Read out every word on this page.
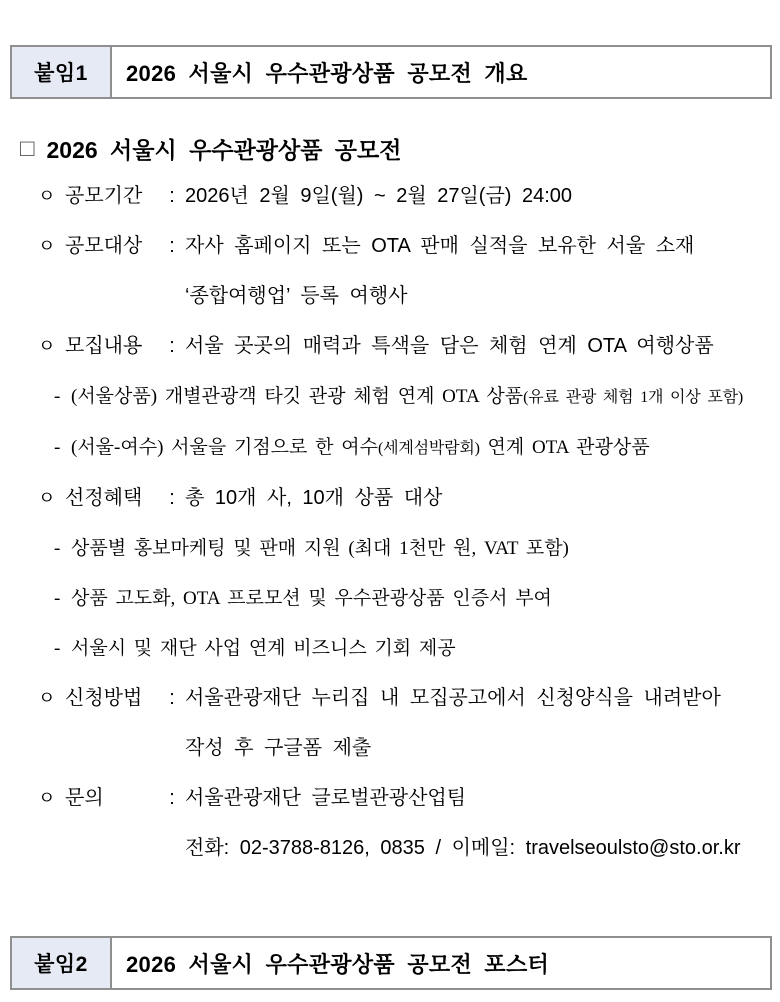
붙임1	2026 서울시 우수관광상품 공모전 개요
□ 2026 서울시 우수관광상품 공모전
ㅇ 공모기간	: 2026년 2월 9일(월) ~ 2월 27일(금) 24:00
ㅇ 공모대상	: 자사 홈페이지 또는 OTA 판매 실적을 보유한 서울 소재
‘종합여행업’ 등록 여행사
ㅇ 모집내용	: 서울 곳곳의 매력과 특색을 담은 체험 연계 OTA 여행상품
- (서울상품) 개별관광객 타깃 관광 체험 연계 OTA 상품(유료 관광 체험 1개 이상 포함)
- (서울-여수) 서울을 기점으로 한 여수(세계섬박람회) 연계 OTA 관광상품
ㅇ 선정혜택	: 총 10개 사, 10개 상품 대상
- 상품별 홍보마케팅 및 판매 지원 (최대 1천만 원, VAT 포함)
- 상품 고도화, OTA 프로모션 및 우수관광상품 인증서 부여
- 서울시 및 재단 사업 연계 비즈니스 기회 제공
ㅇ 신청방법	: 서울관광재단 누리집 내 모집공고에서 신청양식을 내려받아
작성 후 구글폼 제출
ㅇ 문의	: 서울관광재단 글로벌관광산업팀
전화: 02-3788-8126, 0835 / 이메일: travelseoulsto@sto.or.kr
붙임2	2026 서울시 우수관광상품 공모전 포스터
